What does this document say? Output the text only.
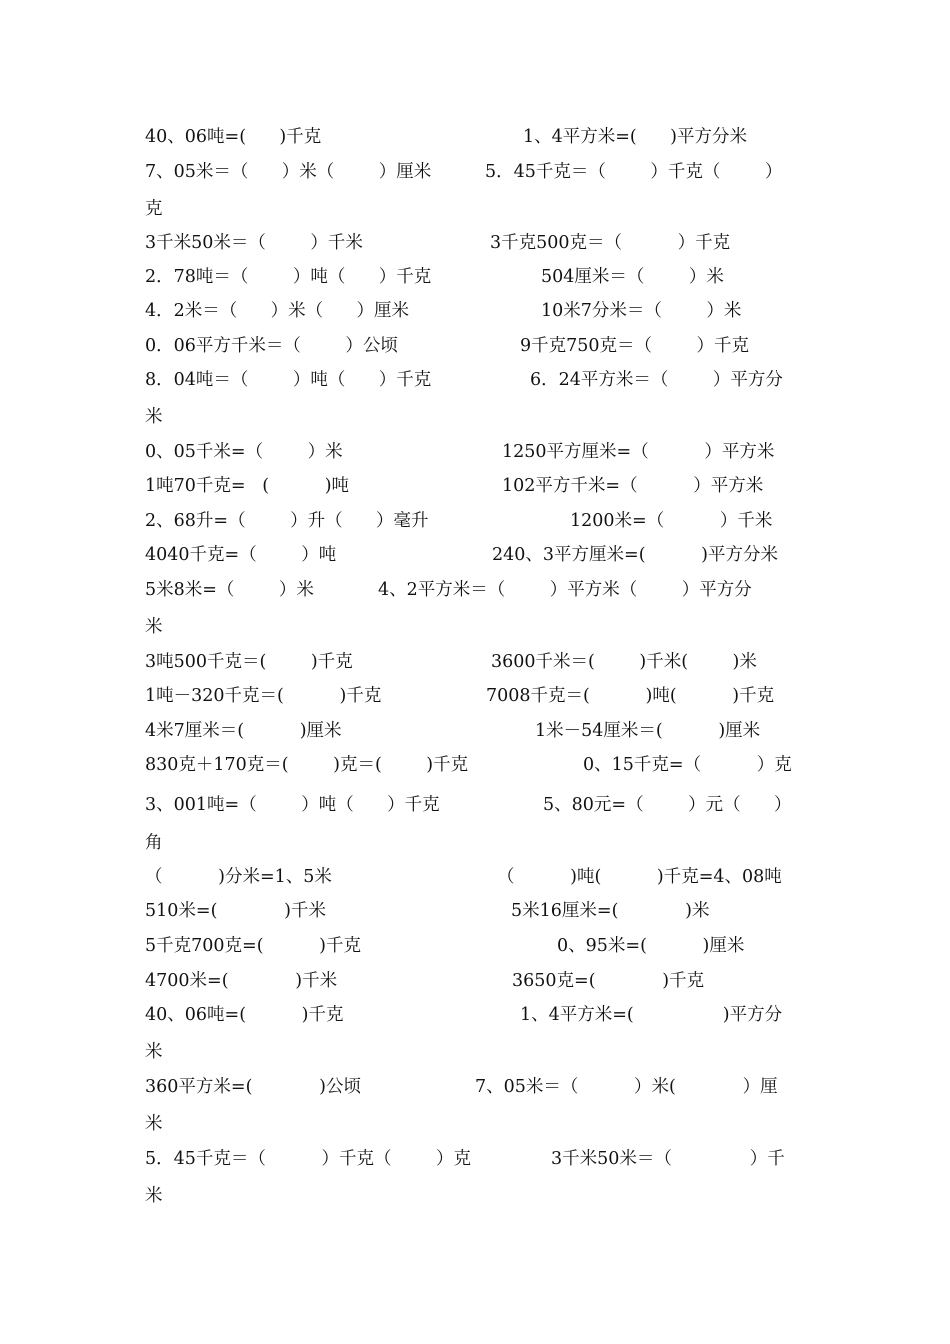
40、06吨=(      )千克	1、4平方米=(      )平方分米
7、05米＝（      ）米（        ）厘米	5．45千克＝（        ）千克（        ）
克
3千米50米＝（        ）千米	3千克500克＝（          ）千克
2．78吨＝（        ）吨（      ）千克	504厘米＝（        ）米
4．2米＝（      ）米（      ）厘米	10米7分米＝（        ）米
0．06平方千米＝（        ）公顷	9千克750克＝（        ）千克
8．04吨＝（        ）吨（      ）千克	6．24平方米＝（        ）平方分
米
0、05千米=（        ）米	1250平方厘米=（          ）平方米
1吨70千克=   (          )吨	102平方千米=（          ）平方米
2、68升=（        ）升（      ）毫升	1200米=（          ）千米
4040千克=（        ）吨	240、3平方厘米=(          )平方分米
5米8米=（        ）米	4、2平方米＝（        ）平方米（        ）平方分
米
3吨500千克＝(        )千克	3600千米＝(        )千米(        )米
1吨－320千克＝(          )千克	7008千克＝(          )吨(          )千克
4米7厘米＝(          )厘米	1米－54厘米＝(          )厘米
830克＋170克＝(        )克＝(        )千克	0、15千克=（          ）克
3、001吨=（        ）吨（      ）千克	5、80元=（        ）元（      ）
角
（          )分米=1、5米	（          )吨(          )千克=4、08吨
510米=(            )千米	5米16厘米=(            )米
5千克700克=(          )千克	0、95米=(          )厘米
4700米=(            )千米	3650克=(            )千克
40、06吨=(          )千克	1、4平方米=(                )平方分
米
360平方米=(            )公顷	7、05米＝（          ）米(            ）厘
米
5．45千克＝（          ）千克（        ）克	3千米50米＝（              ）千
米
